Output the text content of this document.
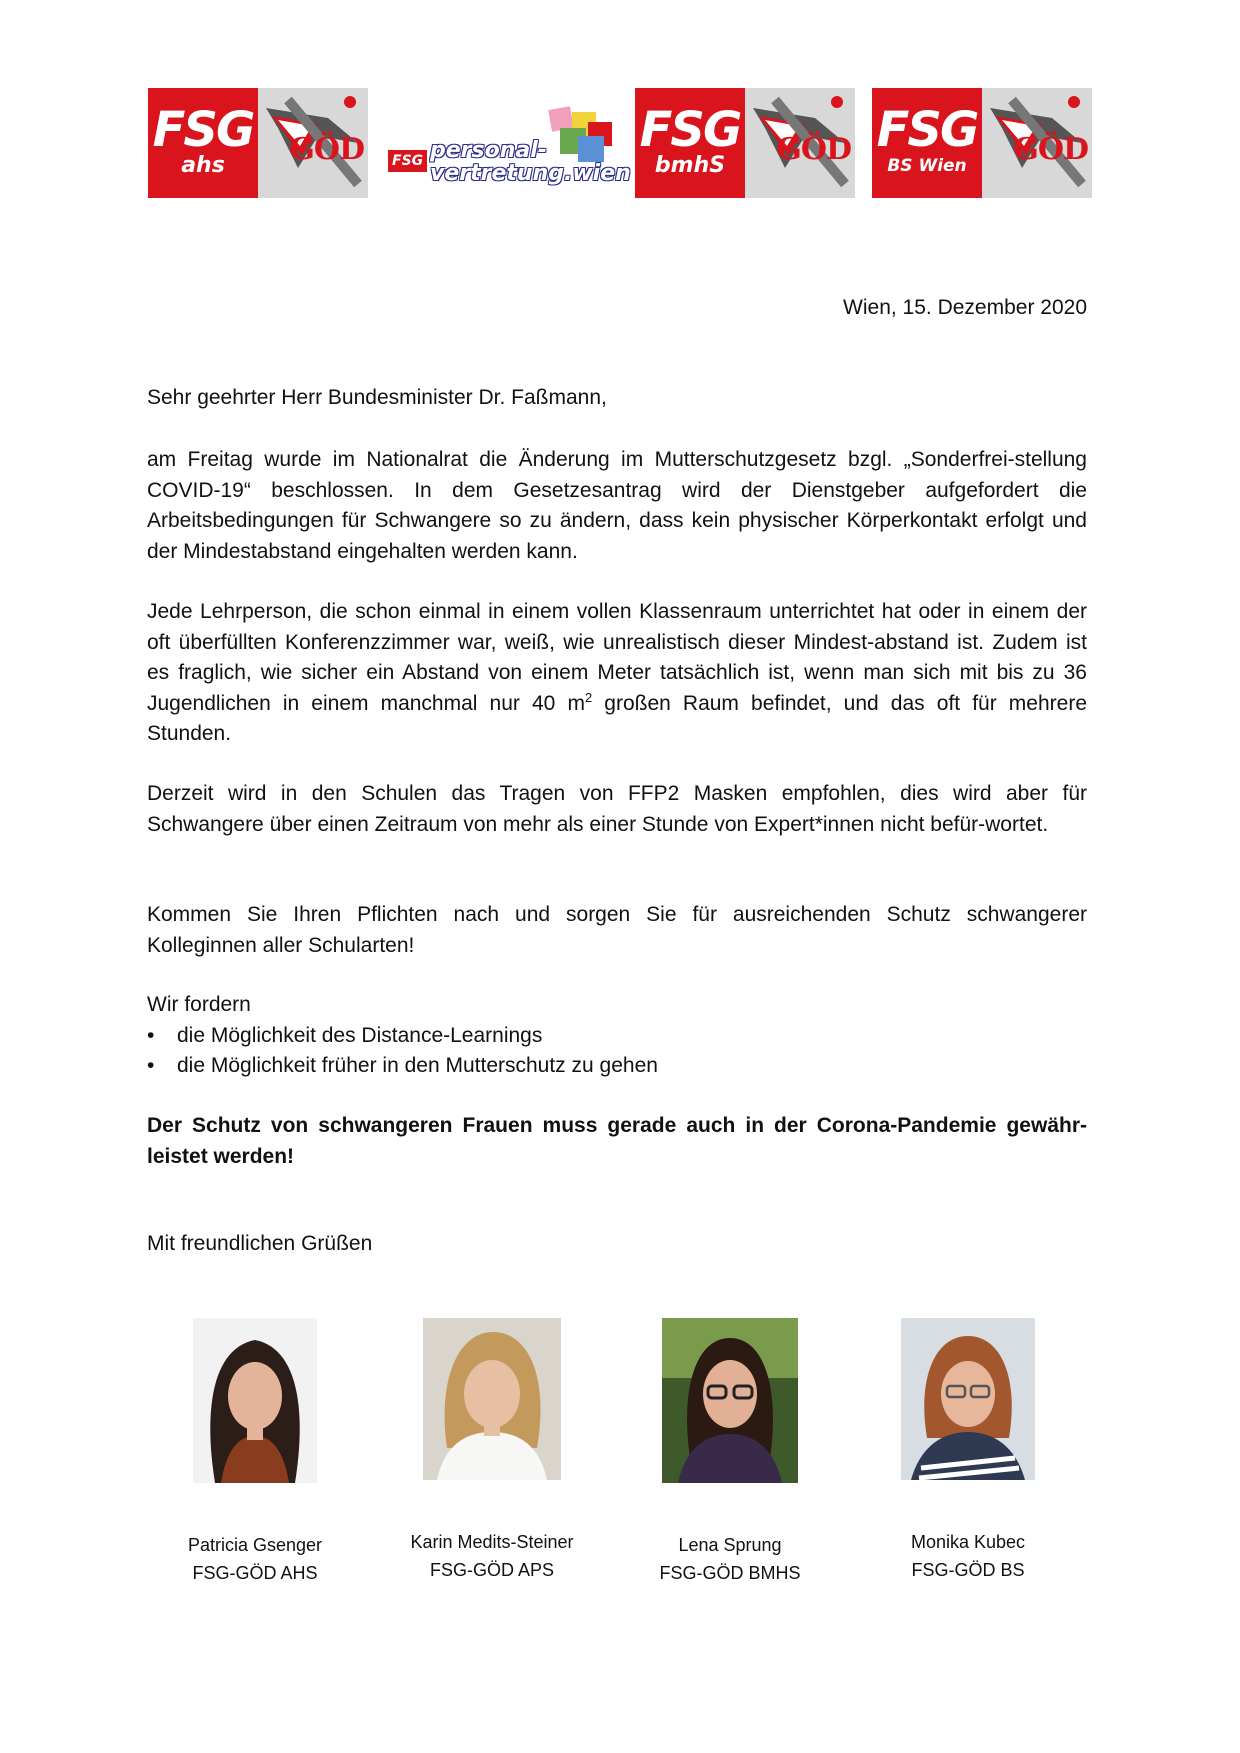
FSG
ahs GÖD FSG personal-
vertretung.wien
FSG
bmhS GÖD FSG
BS Wien GÖD
Wien, 15. Dezember 2020
Sehr geehrter Herr Bundesminister Dr. Faßmann,

am Freitag wurde im Nationalrat die Änderung im Mutterschutzgesetz bzgl. „Sonderfrei-stellung COVID-19“ beschlossen. In dem Gesetzesantrag wird der Dienstgeber aufgefordert die Arbeitsbedingungen für Schwangere so zu ändern, dass kein physischer Körperkontakt erfolgt und der Mindestabstand eingehalten werden kann.

Jede Lehrperson, die schon einmal in einem vollen Klassenraum unterrichtet hat oder in einem der oft überfüllten Konferenzzimmer war, weiß, wie unrealistisch dieser Mindest-abstand ist. Zudem ist es fraglich, wie sicher ein Abstand von einem Meter tatsächlich ist, wenn man sich mit bis zu 36 Jugendlichen in einem manchmal nur 40 $m^2$ großen Raum befindet, und das oft für mehrere Stunden.

Derzeit wird in den Schulen das Tragen von FFP2 Masken empfohlen, dies wird aber für Schwangere über einen Zeitraum von mehr als einer Stunde von Expert*innen nicht befür-wortet.

Kommen Sie Ihren Pflichten nach und sorgen Sie für ausreichenden Schutz schwangerer Kolleginnen aller Schularten!

Wir fordern
• die Möglichkeit des Distance-Learnings
• die Möglichkeit früher in den Mutterschutz zu gehen

Der Schutz von schwangeren Frauen muss gerade auch in der Corona-Pandemie gewähr-leistet werden!

Mit freundlichen Grüßen
Patricia Gsenger
FSG-GÖD AHS
Karin Medits-Steiner
FSG-GÖD APS
Lena Sprung
FSG-GÖD BMHS
Monika Kubec
FSG-GÖD BS
